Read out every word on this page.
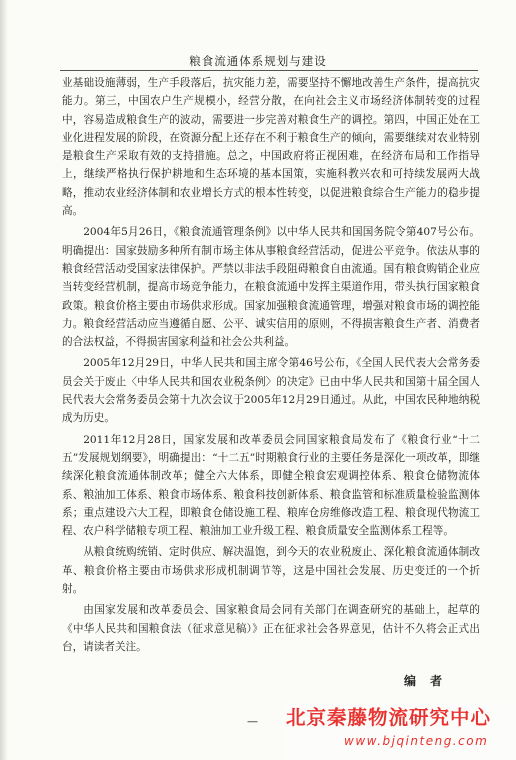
粮食流通体系规划与建设

业基础设施薄弱，生产手段落后，抗灾能力差，需要坚持不懈地改善生产条件，提高抗灾能力。第三，中国农户生产规模小，经营分散，在向社会主义市场经济体制转变的过程中，容易造成粮食生产的波动，需要进一步完善对粮食生产的调控。第四，中国正处在工业化进程发展的阶段，在资源分配上还存在不利于粮食生产的倾向，需要继续对农业特别是粮食生产采取有效的支持措施。总之，中国政府将正视困难，在经济布局和工作指导上，继续严格执行保护耕地和生态环境的基本国策，实施科教兴农和可持续发展两大战略，推动农业经济体制和农业增长方式的根本性转变，以促进粮食综合生产能力的稳步提高。

2004年5月26日，《粮食流通管理条例》以中华人民共和国国务院令第407号公布。明确提出：国家鼓励多种所有制市场主体从事粮食经营活动，促进公平竞争。依法从事的粮食经营活动受国家法律保护。严禁以非法手段阻碍粮食自由流通。国有粮食购销企业应当转变经营机制，提高市场竞争能力，在粮食流通中发挥主渠道作用，带头执行国家粮食政策。粮食价格主要由市场供求形成。国家加强粮食流通管理，增强对粮食市场的调控能力。粮食经营活动应当遵循自愿、公平、诚实信用的原则，不得损害粮食生产者、消费者的合法权益，不得损害国家利益和社会公共利益。

2005年12月29日，中华人民共和国主席令第46号公布，《全国人民代表大会常务委员会关于废止〈中华人民共和国农业税条例〉的决定》已由中华人民共和国第十届全国人民代表大会常务委员会第十九次会议于2005年12月29日通过。从此，中国农民种地纳税成为历史。

2011年12月28日，国家发展和改革委员会同国家粮食局发布了《粮食行业“十二五”发展规划纲要》，明确提出：“十二五”时期粮食行业的主要任务是深化一项改革，即继续深化粮食流通体制改革；健全六大体系，即健全粮食宏观调控体系、粮食仓储物流体系、粮油加工体系、粮食市场体系、粮食科技创新体系、粮食监管和标准质量检验监测体系；重点建设六大工程，即粮食仓储设施工程、粮库仓房维修改造工程、粮食现代物流工程、农户科学储粮专项工程、粮油加工业升级工程、粮食质量安全监测体系工程等。

从粮食统购统销、定时供应、解决温饱，到今天的农业税废止、深化粮食流通体制改革、粮食价格主要由市场供求形成机制调节等，这是中国社会发展、历史变迁的一个折射。

由国家发展和改革委员会、国家粮食局会同有关部门在调查研究的基础上，起草的《中华人民共和国粮食法（征求意见稿）》正在征求社会各界意见，估计不久将会正式出台，请读者关注。

编者
— 北京秦藤物流研究中心
www.bjqinteng.com
